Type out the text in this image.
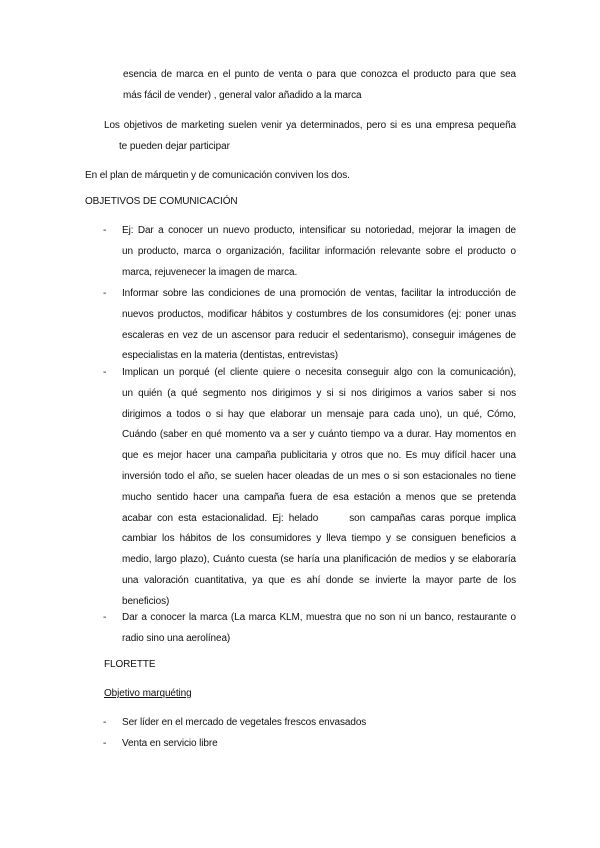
esencia de marca en el punto de venta o para que conozca el producto para que sea
más fácil de vender) , general valor añadido a la marca
Los objetivos de marketing suelen venir ya determinados, pero si es una empresa pequeña
te pueden dejar participar
En el plan de márquetin y de comunicación conviven los dos.
OBJETIVOS DE COMUNICACIÓN
-	Ej: Dar a conocer un nuevo producto, intensificar su notoriedad, mejorar la imagen de
un producto, marca o organización, facilitar información relevante sobre el producto o
marca, rejuvenecer la imagen de marca.
-	Informar sobre las condiciones de una promoción de ventas, facilitar la introducción de
nuevos productos, modificar hábitos y costumbres de los consumidores (ej: poner unas
escaleras en vez de un ascensor para reducir el sedentarismo), conseguir imágenes de
especialistas en la materia (dentistas, entrevistas)
-	Implican un porqué (el cliente quiere o necesita conseguir algo con la comunicación),
un quién (a qué segmento nos dirigimos y si si nos dirigimos a varios saber si nos
dirigimos a todos o si hay que elaborar un mensaje para cada uno), un qué, Cómo,
Cuándo (saber en qué momento va a ser y cuánto tiempo va a durar. Hay momentos en
que es mejor hacer una campaña publicitaria y otros que no. Es muy difícil hacer una
inversión todo el año, se suelen hacer oleadas de un mes o si son estacionales no tiene
mucho sentido hacer una campaña fuera de esa estación a menos que se pretenda
acabar con esta estacionalidad. Ej: helado      son campañas caras porque implica
cambiar los hábitos de los consumidores y lleva tiempo y se consiguen beneficios a
medio, largo plazo), Cuánto cuesta (se haría una planificación de medios y se elaboraría
una valoración cuantitativa, ya que es ahí donde se invierte la mayor parte de los
beneficios)
-	Dar a conocer la marca (La marca KLM, muestra que no son ni un banco, restaurante o
radio sino una aerolínea)
FLORETTE
Objetivo marquéting
-	Ser líder en el mercado de vegetales frescos envasados
-	Venta en servicio libre
